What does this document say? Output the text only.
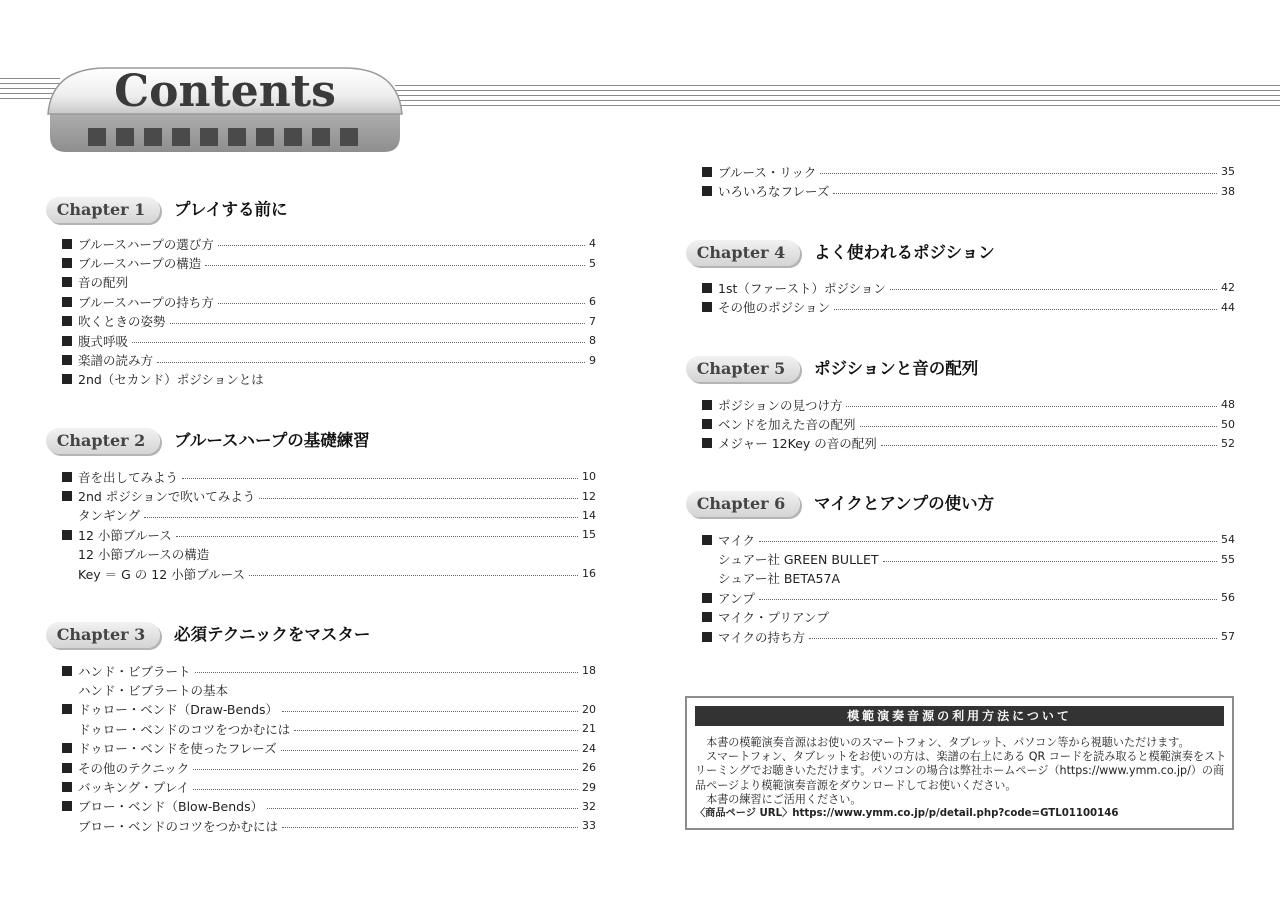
Contents
Chapter 1	プレイする前に
ブルースハープの選び方	4
ブルースハープの構造	5
音の配列
ブルースハープの持ち方	6
吹くときの姿勢	7
腹式呼吸	8
楽譜の読み方	9
2nd（セカンド）ポジションとは
Chapter 2	ブルースハープの基礎練習
音を出してみよう	10
2nd ポジションで吹いてみよう	12
タンギング	14
12 小節ブルース	15
12 小節ブルースの構造
Key ＝ G の 12 小節ブルース	16
Chapter 3	必須テクニックをマスター
ハンド・ビブラート	18
ハンド・ビブラートの基本
ドゥロー・ベンド（Draw-Bends）	20
ドゥロー・ベンドのコツをつかむには	21
ドゥロー・ベンドを使ったフレーズ	24
その他のテクニック	26
バッキング・プレイ	29
ブロー・ベンド（Blow-Bends）	32
ブロー・ベンドのコツをつかむには	33
ブルース・リック	35
いろいろなフレーズ	38
Chapter 4	よく使われるポジション
1st（ファースト）ポジション	42
その他のポジション	44
Chapter 5	ポジションと音の配列
ポジションの見つけ方	48
ベンドを加えた音の配列	50
メジャー 12Key の音の配列	52
Chapter 6	マイクとアンプの使い方
マイク	54
シュアー社 GREEN BULLET	55
シュアー社 BETA57A
アンプ	56
マイク・プリアンプ
マイクの持ち方	57
模範演奏音源の利用方法について

　本書の模範演奏音源はお使いのスマートフォン、タブレット、パソコン等から視聴いただけます。

　スマートフォン、タブレットをお使いの方は、楽譜の右上にある QR コードを読み取ると模範演奏をストリーミングでお聴きいただけます。パソコンの場合は弊社ホームページ（https://www.ymm.co.jp/）の商品ページより模範演奏音源をダウンロードしてお使いください。

　本書の練習にご活用ください。

〈商品ページ URL〉https://www.ymm.co.jp/p/detail.php?code=GTL01100146
